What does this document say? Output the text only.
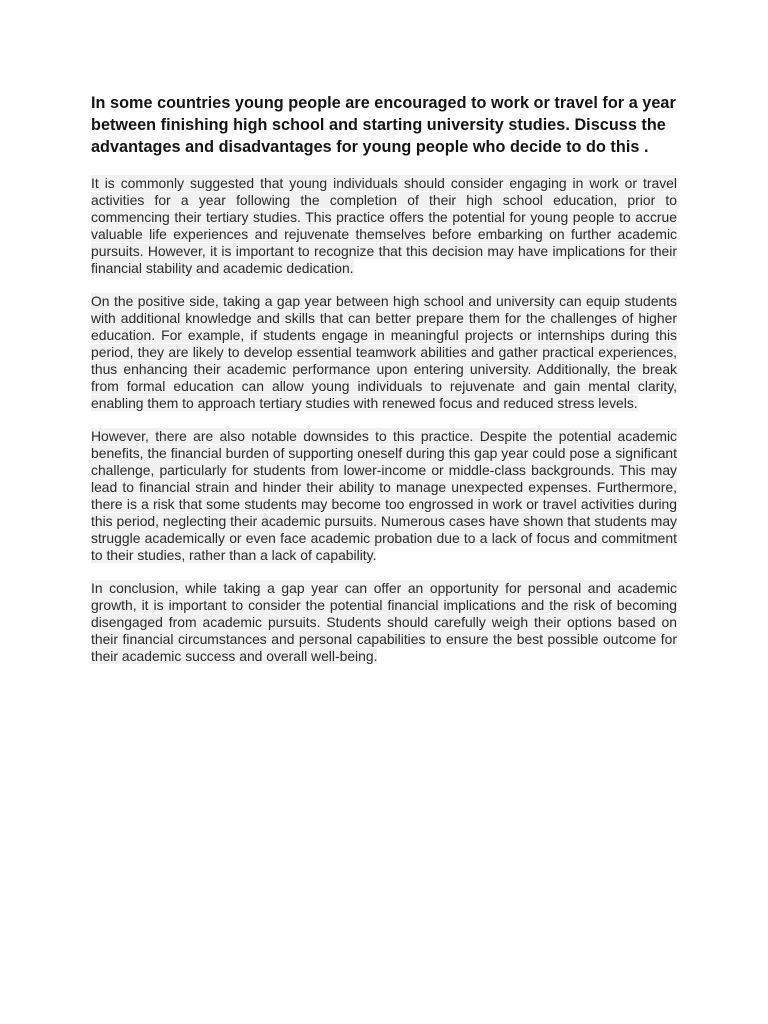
In some countries young people are encouraged to work or travel for a year between finishing high school and starting university studies. Discuss the advantages and disadvantages for young people who decide to do this .

It is commonly suggested that young individuals should consider engaging in work or travel activities for a year following the completion of their high school education, prior to commencing their tertiary studies. This practice offers the potential for young people to accrue valuable life experiences and rejuvenate themselves before embarking on further academic pursuits. However, it is important to recognize that this decision may have implications for their financial stability and academic dedication.

On the positive side, taking a gap year between high school and university can equip students with additional knowledge and skills that can better prepare them for the challenges of higher education. For example, if students engage in meaningful projects or internships during this period, they are likely to develop essential teamwork abilities and gather practical experiences, thus enhancing their academic performance upon entering university. Additionally, the break from formal education can allow young individuals to rejuvenate and gain mental clarity, enabling them to approach tertiary studies with renewed focus and reduced stress levels.

However, there are also notable downsides to this practice. Despite the potential academic benefits, the financial burden of supporting oneself during this gap year could pose a significant challenge, particularly for students from lower-income or middle-class backgrounds. This may lead to financial strain and hinder their ability to manage unexpected expenses. Furthermore, there is a risk that some students may become too engrossed in work or travel activities during this period, neglecting their academic pursuits. Numerous cases have shown that students may struggle academically or even face academic probation due to a lack of focus and commitment to their studies, rather than a lack of capability.

In conclusion, while taking a gap year can offer an opportunity for personal and academic growth, it is important to consider the potential financial implications and the risk of becoming disengaged from academic pursuits. Students should carefully weigh their options based on their financial circumstances and personal capabilities to ensure the best possible outcome for their academic success and overall well-being.
